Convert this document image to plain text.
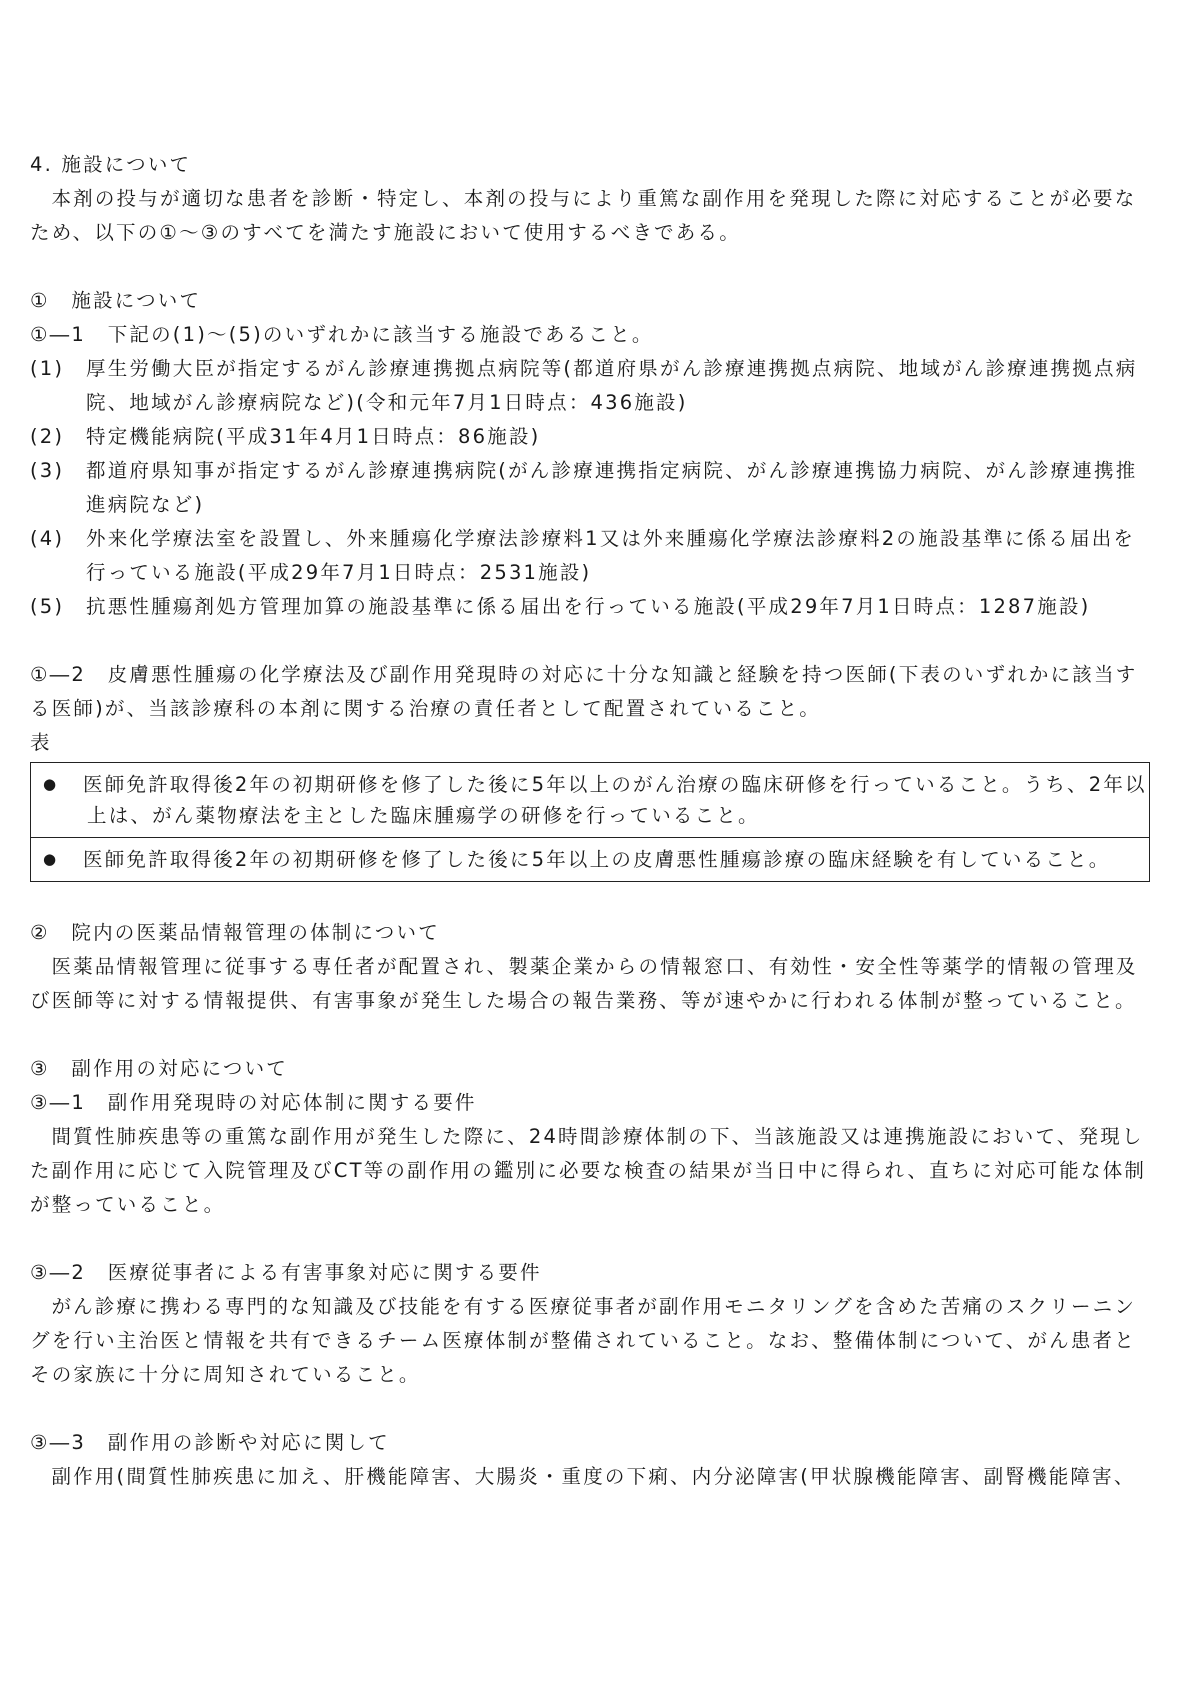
4. 施設について
本剤の投与が適切な患者を診断・特定し、本剤の投与により重篤な副作用を発現した際に対応することが必要な
ため、以下の①～③のすべてを満たす施設において使用するべきである。
①　施設について
①―1　下記の(1)～(5)のいずれかに該当する施設であること。
(1)	厚生労働大臣が指定するがん診療連携拠点病院等(都道府県がん診療連携拠点病院、地域がん診療連携拠点病
院、地域がん診療病院など)(令和元年7月1日時点：436施設)
(2)	特定機能病院(平成31年4月1日時点：86施設)
(3)	都道府県知事が指定するがん診療連携病院(がん診療連携指定病院、がん診療連携協力病院、がん診療連携推
進病院など)
(4)	外来化学療法室を設置し、外来腫瘍化学療法診療料1又は外来腫瘍化学療法診療料2の施設基準に係る届出を
行っている施設(平成29年7月1日時点：2531施設)
(5)	抗悪性腫瘍剤処方管理加算の施設基準に係る届出を行っている施設(平成29年7月1日時点：1287施設)
①―2　皮膚悪性腫瘍の化学療法及び副作用発現時の対応に十分な知識と経験を持つ医師(下表のいずれかに該当す
る医師)が、当該診療科の本剤に関する治療の責任者として配置されていること。
表
●	医師免許取得後2年の初期研修を修了した後に5年以上のがん治療の臨床研修を行っていること。うち、2年以
上は、がん薬物療法を主とした臨床腫瘍学の研修を行っていること。
●	医師免許取得後2年の初期研修を修了した後に5年以上の皮膚悪性腫瘍診療の臨床経験を有していること。
②　院内の医薬品情報管理の体制について
医薬品情報管理に従事する専任者が配置され、製薬企業からの情報窓口、有効性・安全性等薬学的情報の管理及
び医師等に対する情報提供、有害事象が発生した場合の報告業務、等が速やかに行われる体制が整っていること。
③　副作用の対応について
③―1　副作用発現時の対応体制に関する要件
間質性肺疾患等の重篤な副作用が発生した際に、24時間診療体制の下、当該施設又は連携施設において、発現し
た副作用に応じて入院管理及びCT等の副作用の鑑別に必要な検査の結果が当日中に得られ、直ちに対応可能な体制
が整っていること。
③―2　医療従事者による有害事象対応に関する要件
がん診療に携わる専門的な知識及び技能を有する医療従事者が副作用モニタリングを含めた苦痛のスクリーニン
グを行い主治医と情報を共有できるチーム医療体制が整備されていること。なお、整備体制について、がん患者と
その家族に十分に周知されていること。
③―3　副作用の診断や対応に関して
副作用(間質性肺疾患に加え、肝機能障害、大腸炎・重度の下痢、内分泌障害(甲状腺機能障害、副腎機能障害、
